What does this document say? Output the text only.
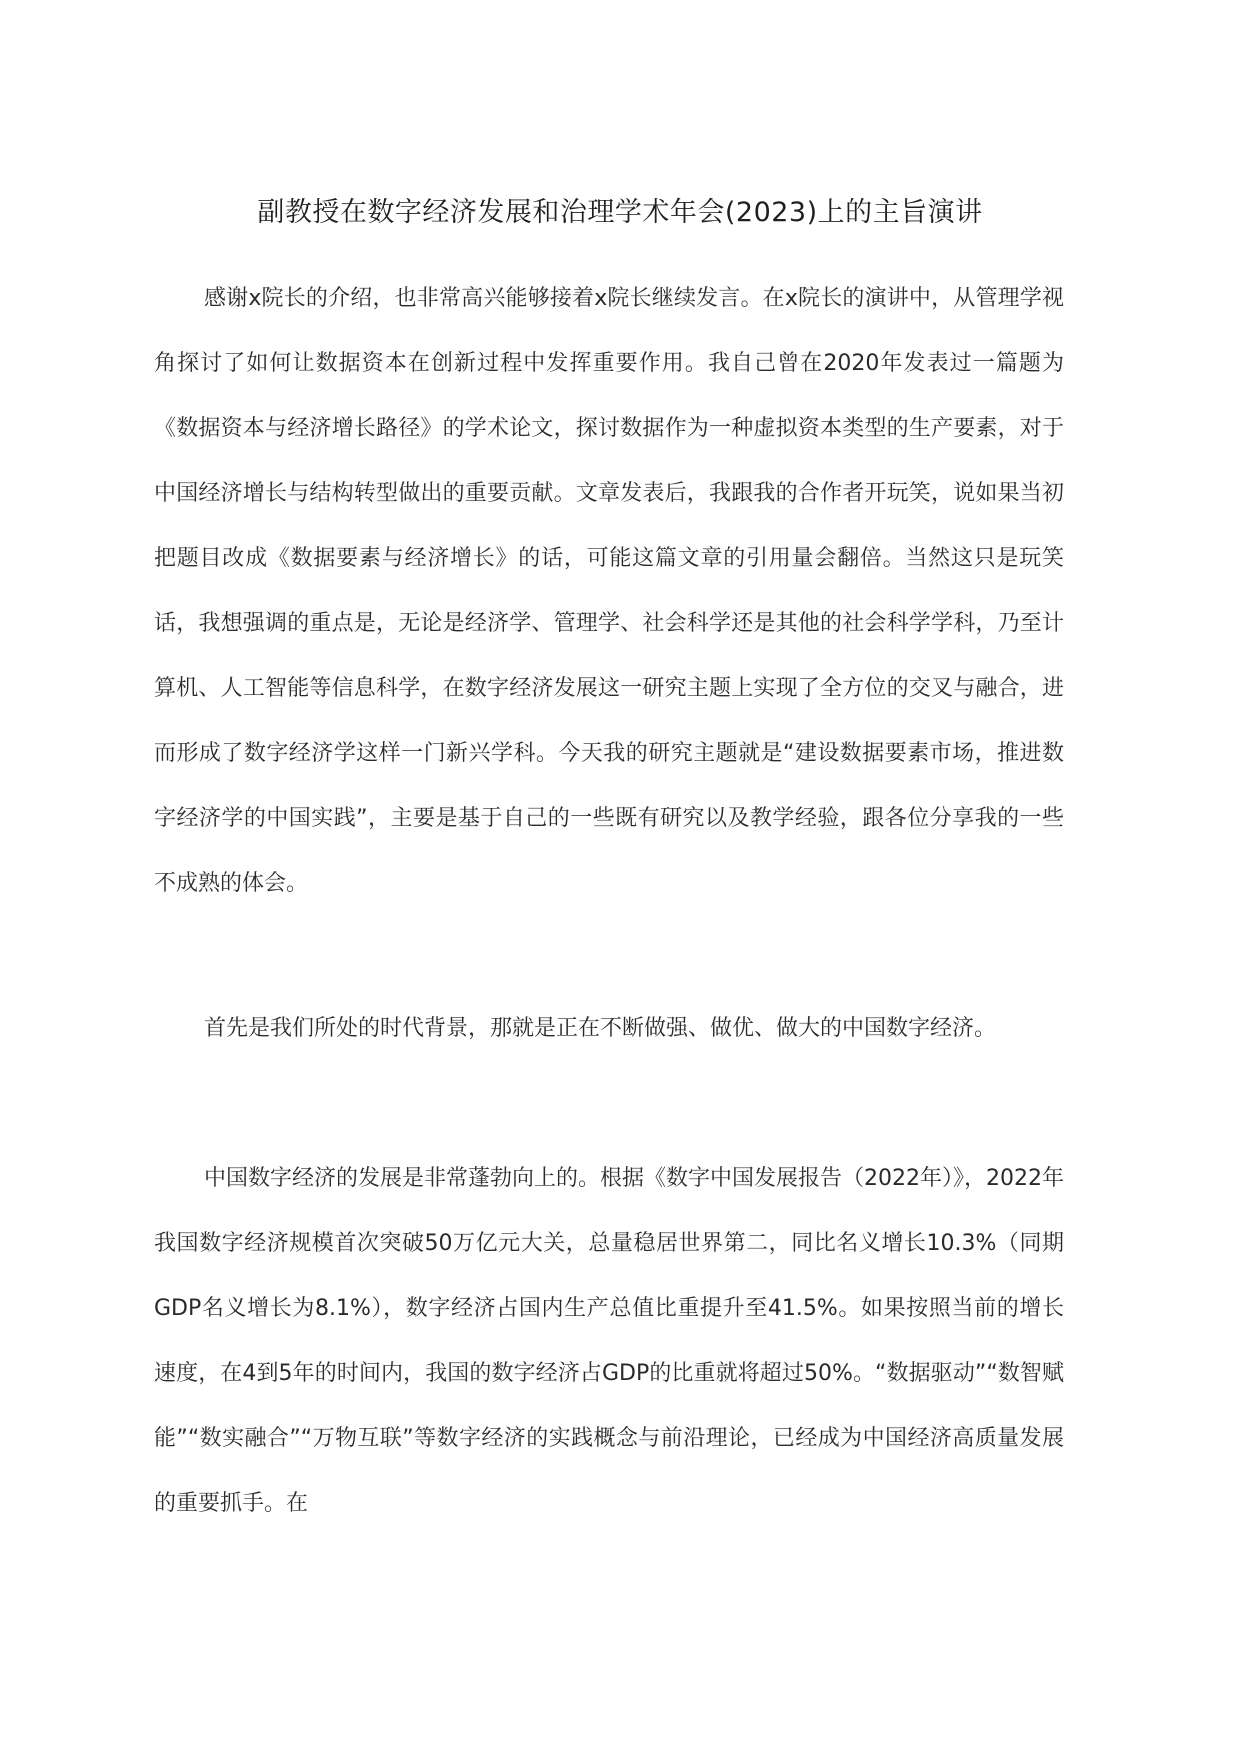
副教授在数字经济发展和治理学术年会(2023)上的主旨演讲

感谢x院长的介绍，也非常高兴能够接着x院长继续发言。在x院长的演讲中，从管理学视角探讨了如何让数据资本在创新过程中发挥重要作用。我自己曾在2020年发表过一篇题为《数据资本与经济增长路径》的学术论文，探讨数据作为一种虚拟资本类型的生产要素，对于中国经济增长与结构转型做出的重要贡献。文章发表后，我跟我的合作者开玩笑，说如果当初把题目改成《数据要素与经济增长》的话，可能这篇文章的引用量会翻倍。当然这只是玩笑话，我想强调的重点是，无论是经济学、管理学、社会科学还是其他的社会科学学科，乃至计算机、人工智能等信息科学，在数字经济发展这一研究主题上实现了全方位的交叉与融合，进而形成了数字经济学这样一门新兴学科。今天我的研究主题就是“建设数据要素市场，推进数字经济学的中国实践”，主要是基于自己的一些既有研究以及教学经验，跟各位分享我的一些不成熟的体会。

首先是我们所处的时代背景，那就是正在不断做强、做优、做大的中国数字经济。

中国数字经济的发展是非常蓬勃向上的。根据《数字中国发展报告（2022年）》，2022年我国数字经济规模首次突破50万亿元大关，总量稳居世界第二，同比名义增长10.3%（同期GDP名义增长为8.1%），数字经济占国内生产总值比重提升至41.5%。如果按照当前的增长速度，在4到5年的时间内，我国的数字经济占GDP的比重就将超过50%。“数据驱动”“数智赋能”“数实融合”“万物互联”等数字经济的实践概念与前沿理论，已经成为中国经济高质量发展的重要抓手。在
